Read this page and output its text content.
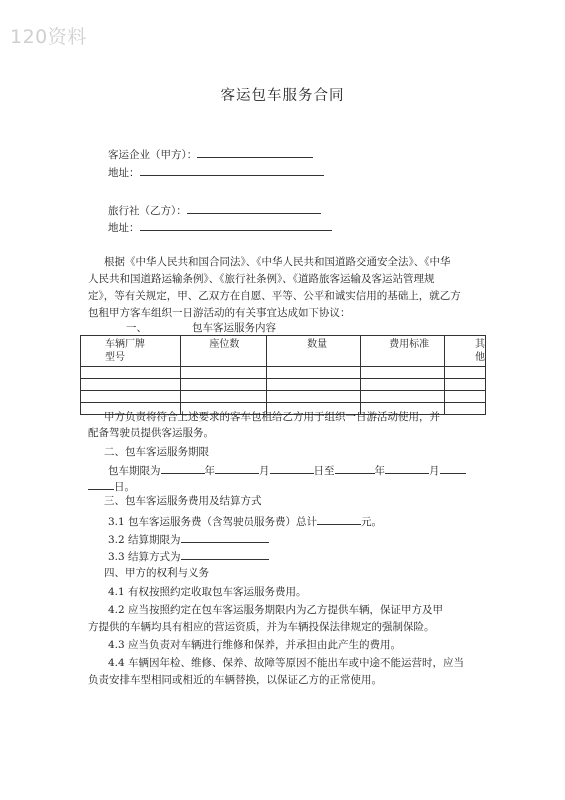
120资料
客运包车服务合同
客运企业（甲方）：
地址：
旅行社（乙方）：
地址：
根据《中华人民共和国合同法》、《中华人民共和国道路交通安全法》、《中华
人民共和国道路运输条例》、《旅行社条例》、《道路旅客运输及客运站管理规
定》，等有关规定，甲、乙双方在自愿、平等、公平和诚实信用的基础上，就乙方
包租甲方客车组织一日游活动的有关事宜达成如下协议：
一、	包车客运服务内容
车辆厂牌
型号	座位数	数量	费用标准	其他

甲方负责将符合上述要求的客车包租给乙方用于组织一日游活动使用，并
配备驾驶员提供客运服务。
二、包车客运服务期限
包车期限为	年	月	日至	年	月
日。
三、包车客运服务费用及结算方式
3.1 包车客运服务费（含驾驶员服务费）总计	元。
3.2 结算期限为
3.3 结算方式为
四、甲方的权利与义务
4.1 有权按照约定收取包车客运服务费用。
4.2 应当按照约定在包车客运服务期限内为乙方提供车辆，保证甲方及甲
方提供的车辆均具有相应的营运资质，并为车辆投保法律规定的强制保险。
4.3 应当负责对车辆进行维修和保养，并承担由此产生的费用。
4.4 车辆因年检、维修、保养、故障等原因不能出车或中途不能运营时，应当
负责安排车型相同或相近的车辆替换，以保证乙方的正常使用。
